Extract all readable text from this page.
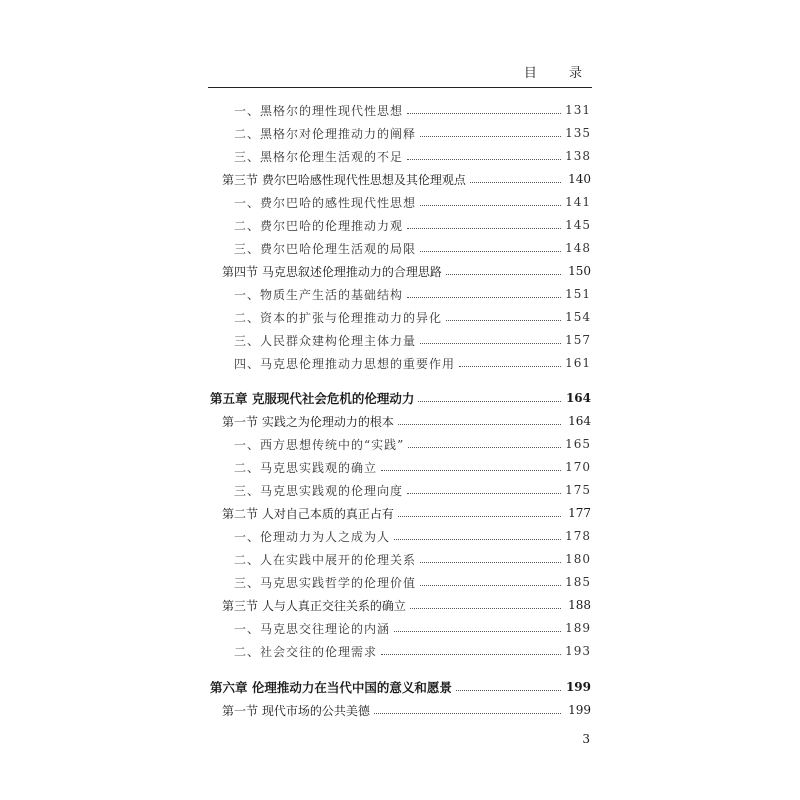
目 录
一、黑格尔的理性现代性思想	131
二、黑格尔对伦理推动力的阐释	135
三、黑格尔伦理生活观的不足	138
第三节 费尔巴哈感性现代性思想及其伦理观点	140
一、费尔巴哈的感性现代性思想	141
二、费尔巴哈的伦理推动力观	145
三、费尔巴哈伦理生活观的局限	148
第四节 马克思叙述伦理推动力的合理思路	150
一、物质生产生活的基础结构	151
二、资本的扩张与伦理推动力的异化	154
三、人民群众建构伦理主体力量	157
四、马克思伦理推动力思想的重要作用	161
第五章 克服现代社会危机的伦理动力	164
第一节 实践之为伦理动力的根本	164
一、西方思想传统中的“实践”	165
二、马克思实践观的确立	170
三、马克思实践观的伦理向度	175
第二节 人对自己本质的真正占有	177
一、伦理动力为人之成为人	178
二、人在实践中展开的伦理关系	180
三、马克思实践哲学的伦理价值	185
第三节 人与人真正交往关系的确立	188
一、马克思交往理论的内涵	189
二、社会交往的伦理需求	193
第六章 伦理推动力在当代中国的意义和愿景	199
第一节 现代市场的公共美德	199
3
